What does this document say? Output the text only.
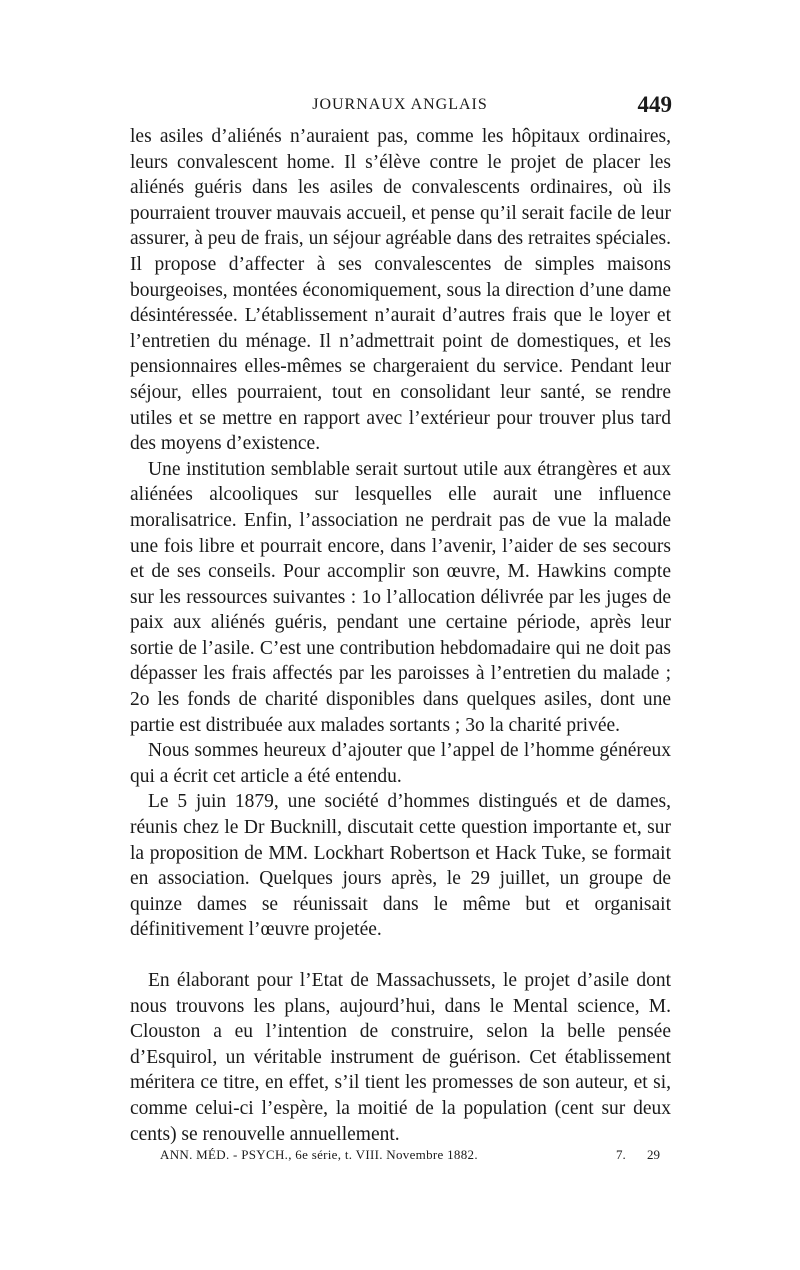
JOURNAUX ANGLAIS	449

les asiles d’aliénés n’auraient pas, comme les hôpitaux ordinaires, leurs convalescent home. Il s’élève contre le projet de placer les aliénés guéris dans les asiles de convalescents ordinaires, où ils pourraient trouver mauvais accueil, et pense qu’il serait facile de leur assurer, à peu de frais, un séjour agréable dans des retraites spéciales. Il propose d’affecter à ses convalescentes de simples maisons bourgeoises, montées économiquement, sous la direction d’une dame désintéressée. L’établissement n’aurait d’autres frais que le loyer et l’entretien du ménage. Il n’admettrait point de domestiques, et les pensionnaires elles-mêmes se chargeraient du service. Pendant leur séjour, elles pourraient, tout en consolidant leur santé, se rendre utiles et se mettre en rapport avec l’extérieur pour trouver plus tard des moyens d’existence.

Une institution semblable serait surtout utile aux étrangères et aux aliénées alcooliques sur lesquelles elle aurait une influence moralisatrice. Enfin, l’association ne perdrait pas de vue la malade une fois libre et pourrait encore, dans l’avenir, l’aider de ses secours et de ses conseils. Pour accomplir son œuvre, M. Hawkins compte sur les ressources suivantes : 1o l’allocation délivrée par les juges de paix aux aliénés guéris, pendant une certaine période, après leur sortie de l’asile. C’est une contribution hebdomadaire qui ne doit pas dépasser les frais affectés par les paroisses à l’entretien du malade ; 2o les fonds de charité disponibles dans quelques asiles, dont une partie est distribuée aux malades sortants ; 3o la charité privée.

Nous sommes heureux d’ajouter que l’appel de l’homme généreux qui a écrit cet article a été entendu.

Le 5 juin 1879, une société d’hommes distingués et de dames, réunis chez le Dr Bucknill, discutait cette question importante et, sur la proposition de MM. Lockhart Robertson et Hack Tuke, se formait en association. Quelques jours après, le 29 juillet, un groupe de quinze dames se réunissait dans le même but et organisait définitivement l’œuvre projetée.

En élaborant pour l’Etat de Massachussets, le projet d’asile dont nous trouvons les plans, aujourd’hui, dans le Mental science, M. Clouston a eu l’intention de construire, selon la belle pensée d’Esquirol, un véritable instrument de guérison. Cet établissement méritera ce titre, en effet, s’il tient les promesses de son auteur, et si, comme celui-ci l’espère, la moitié de la population (cent sur deux cents) se renouvelle annuellement.

ANN. MÉD. - PSYCH., 6e série, t. VIII. Novembre 1882.	7. 29
